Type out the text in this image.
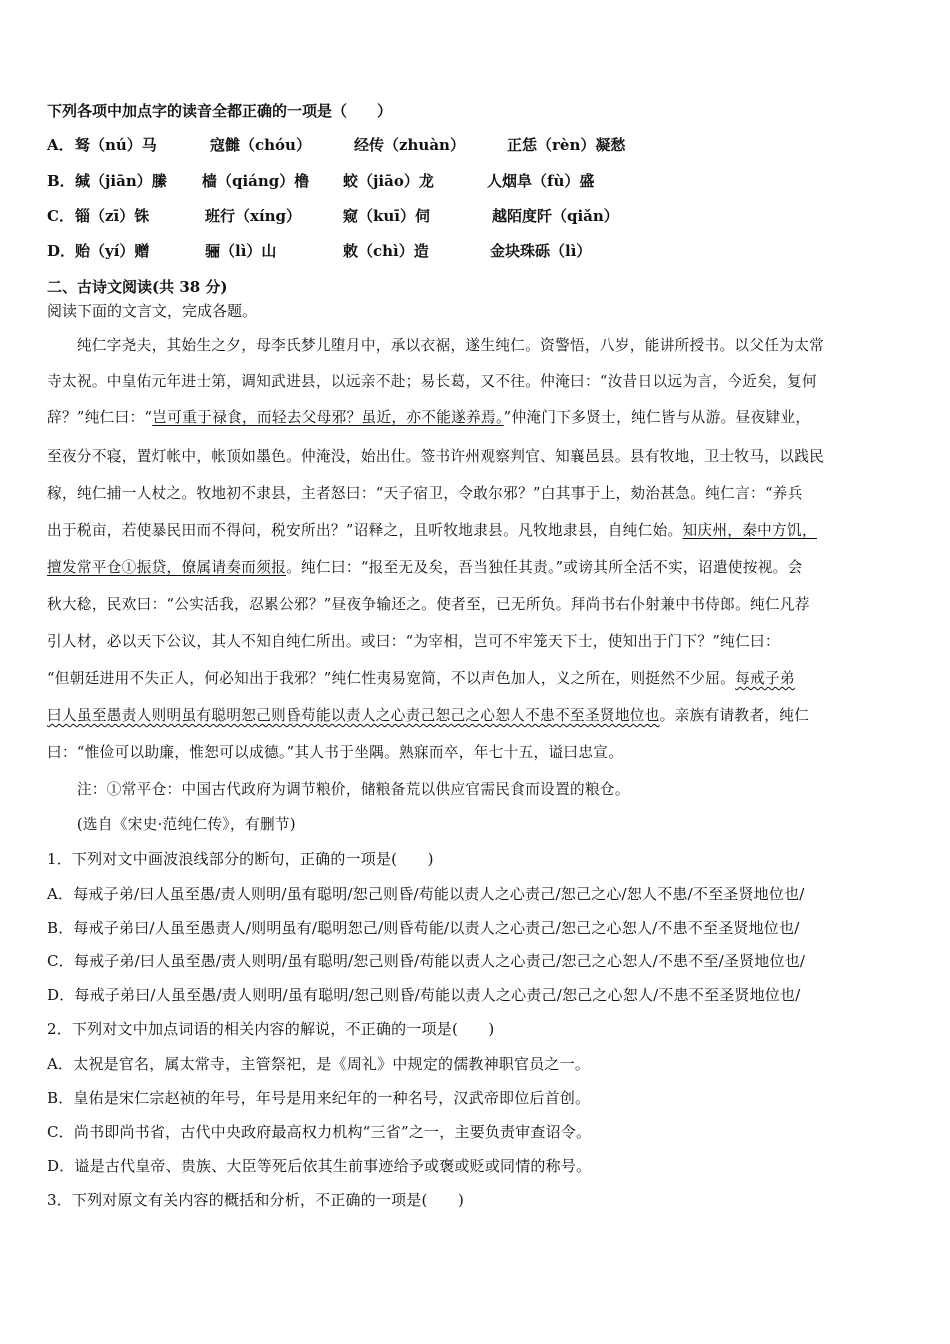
下列各项中加点字的读音全都正确的一项是（　　）
A． 驽（nú）马	寇雠（chóu）	经传（zhuàn）	正恁（rèn）凝愁
B． 缄（jiān）縢 樯（qiáng）橹 蛟（jiāo）龙	人烟阜（fù）盛
C． 锱（zī）铢	班行（xíng）	窥（kuī）伺	越陌度阡（qiǎn）
D． 贻（yí）赠	骊（lì）山	敕（chì）造	金块珠砾（lì）
二、古诗文阅读(共 38 分)
阅读下面的文言文，完成各题。
　　纯仁字尧夫，其始生之夕，母李氏梦儿堕月中，承以衣裾，遂生纯仁。资警悟，八岁，能讲所授书。以父任为太常
寺太祝。中皇佑元年进士第，调知武进县，以远亲不赴；易长葛，又不往。仲淹曰：“汝昔日以远为言，今近矣，复何
辞？”纯仁曰：“岂可重于禄食，而轻去父母邪？虽近，亦不能遂养焉。”仲淹门下多贤士，纯仁皆与从游。昼夜肄业，
至夜分不寝，置灯帐中，帐顶如墨色。仲淹没，始出仕。签书许州观察判官、知襄邑县。县有牧地，卫士牧马，以践民
稼，纯仁捕一人杖之。牧地初不隶县，主者怒曰：“天子宿卫，令敢尔邪？”白其事于上，劾治甚急。纯仁言：“养兵
出于税亩，若使暴民田而不得问，税安所出？”诏释之，且听牧地隶县。凡牧地隶县，自纯仁始。知庆州，秦中方饥，
擅发常平仓①振贷，僚属请奏而须报。纯仁曰：“报至无及矣，吾当独任其责。”或谤其所全活不实，诏遣使按视。会
秋大稔，民欢曰：“公实活我，忍累公邪？”昼夜争输还之。使者至，已无所负。拜尚书右仆射兼中书侍郎。纯仁凡荐
引人材，必以天下公议，其人不知自纯仁所出。或曰：“为宰相，岂可不牢笼天下士，使知出于门下？”纯仁曰：
“但朝廷进用不失正人，何必知出于我邪？”纯仁性夷易宽简，不以声色加人，义之所在，则挺然不少屈。每戒子弟
曰人虽至愚责人则明虽有聪明恕己则昏苟能以责人之心责己恕己之心恕人不患不至圣贤地位也。亲族有请教者，纯仁
曰：“惟俭可以助廉，惟恕可以成德。”其人书于坐隅。熟寐而卒，年七十五，谥曰忠宣。
　　注：①常平仓：中国古代政府为调节粮价，储粮备荒以供应官需民食而设置的粮仓。
　　(选自《宋史·范纯仁传》，有删节)
1．下列对文中画波浪线部分的断句，正确的一项是(　　)
A．每戒子弟/曰人虽至愚/责人则明/虽有聪明/恕己则昏/苟能以责人之心责己/恕己之心/恕人不患/不至圣贤地位也/
B．每戒子弟曰/人虽至愚责人/则明虽有/聪明恕己/则昏苟能/以责人之心责己/恕己之心恕人/不患不至圣贤地位也/
C．每戒子弟/曰人虽至愚/责人则明/虽有聪明/恕己则昏/苟能以责人之心责己/恕己之心恕人/不患不至/圣贤地位也/
D．每戒子弟曰/人虽至愚/责人则明/虽有聪明/恕己则昏/苟能以责人之心责己/恕己之心恕人/不患不至圣贤地位也/
2．下列对文中加点词语的相关内容的解说，不正确的一项是(　　)
A．太祝是官名，属太常寺，主管祭祀，是《周礼》中规定的儒教神职官员之一。
B．皇佑是宋仁宗赵祯的年号，年号是用来纪年的一种名号，汉武帝即位后首创。
C．尚书即尚书省，古代中央政府最高权力机构“三省”之一，主要负责审查诏令。
D．谥是古代皇帝、贵族、大臣等死后依其生前事迹给予或褒或贬或同情的称号。
3．下列对原文有关内容的概括和分析，不正确的一项是(　　)
